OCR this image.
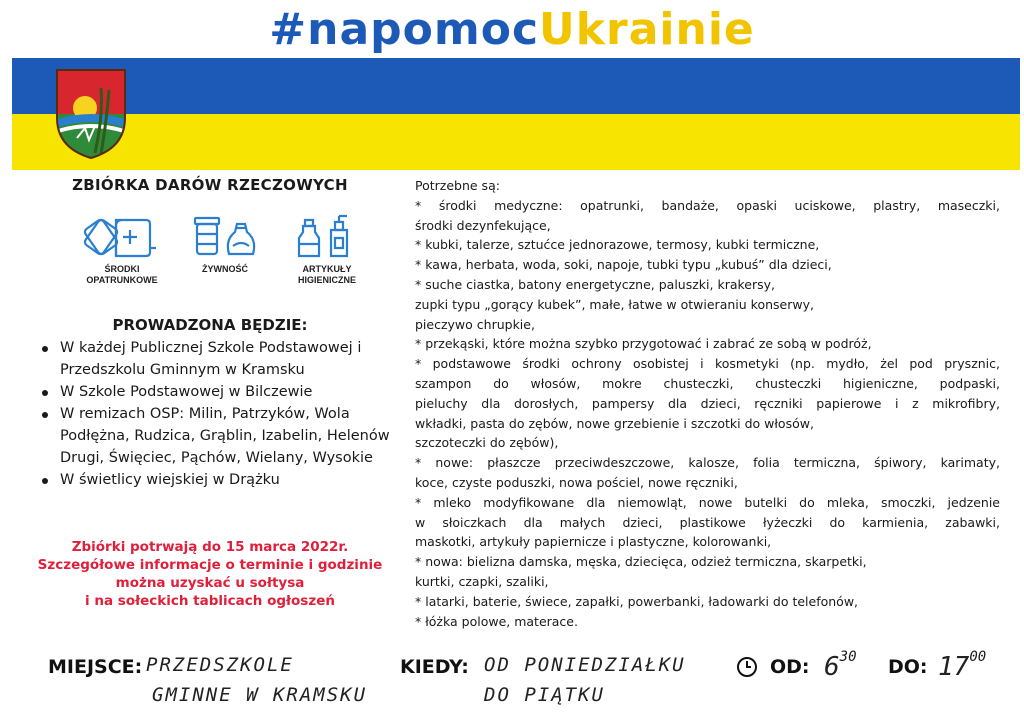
#napomocUkrainie
ZBIÓRKA DARÓW RZECZOWYCH
ŚRODKI
OPATRUNKOWE
ŻYWNOŚĆ	ARTYKUŁY
HIGIENICZNE
PROWADZONA BĘDZIE:
W każdej Publicznej Szkole Podstawowej i Przedszkolu Gminnym w Kramsku
W Szkole Podstawowej w Bilczewie
W remizach OSP: Milin, Patrzyków, Wola Podłężna, Rudzica, Grąblin, Izabelin, Helenów Drugi, Święciec, Pąchów, Wielany, Wysokie
W świetlicy wiejskiej w Drążku
Zbiórki potrwają do 15 marca 2022r.
Szczegółowe informacje o terminie i godzinie
można uzyskać u sołtysa
i na sołeckich tablicach ogłoszeń
Potrzebne są:
* środki medyczne: opatrunki, bandaże, opaski uciskowe, plastry, maseczki,
środki dezynfekujące,
* kubki, talerze, sztućce jednorazowe, termosy, kubki termiczne,
* kawa, herbata, woda, soki, napoje, tubki typu „kubuś” dla dzieci,
* suche ciastka, batony energetyczne, paluszki, krakersy,
zupki typu „gorący kubek”, małe, łatwe w otwieraniu konserwy,
pieczywo chrupkie,
* przekąski, które można szybko przygotować i zabrać ze sobą w podróż,
* podstawowe środki ochrony osobistej i kosmetyki (np. mydło, żel pod prysznic,
szampon do włosów, mokre chusteczki, chusteczki higieniczne, podpaski,
pieluchy dla dorosłych, pampersy dla dzieci, ręczniki papierowe i z mikrofibry,
wkładki, pasta do zębów, nowe grzebienie i szczotki do włosów,
szczoteczki do zębów),
* nowe: płaszcze przeciwdeszczowe, kalosze, folia termiczna, śpiwory, karimaty,
koce, czyste poduszki, nowa pościel, nowe ręczniki,
* mleko modyfikowane dla niemowląt, nowe butelki do mleka, smoczki, jedzenie
w słoiczkach dla małych dzieci, plastikowe łyżeczki do karmienia, zabawki,
maskotki, artykuły papiernicze i plastyczne, kolorowanki,
* nowa: bielizna damska, męska, dziecięca, odzież termiczna, skarpetki,
kurtki, czapki, szaliki,
* latarki, baterie, świece, zapałki, powerbanki, ładowarki do telefonów,
* łóżka polowe, materace.
MIEJSCE: PRZEDSZKOLE
GMINNE W KRAMSKU
KIEDY: OD PONIEDZIAŁKU
DO PIĄTKU
OD: 630 DO: 1700
